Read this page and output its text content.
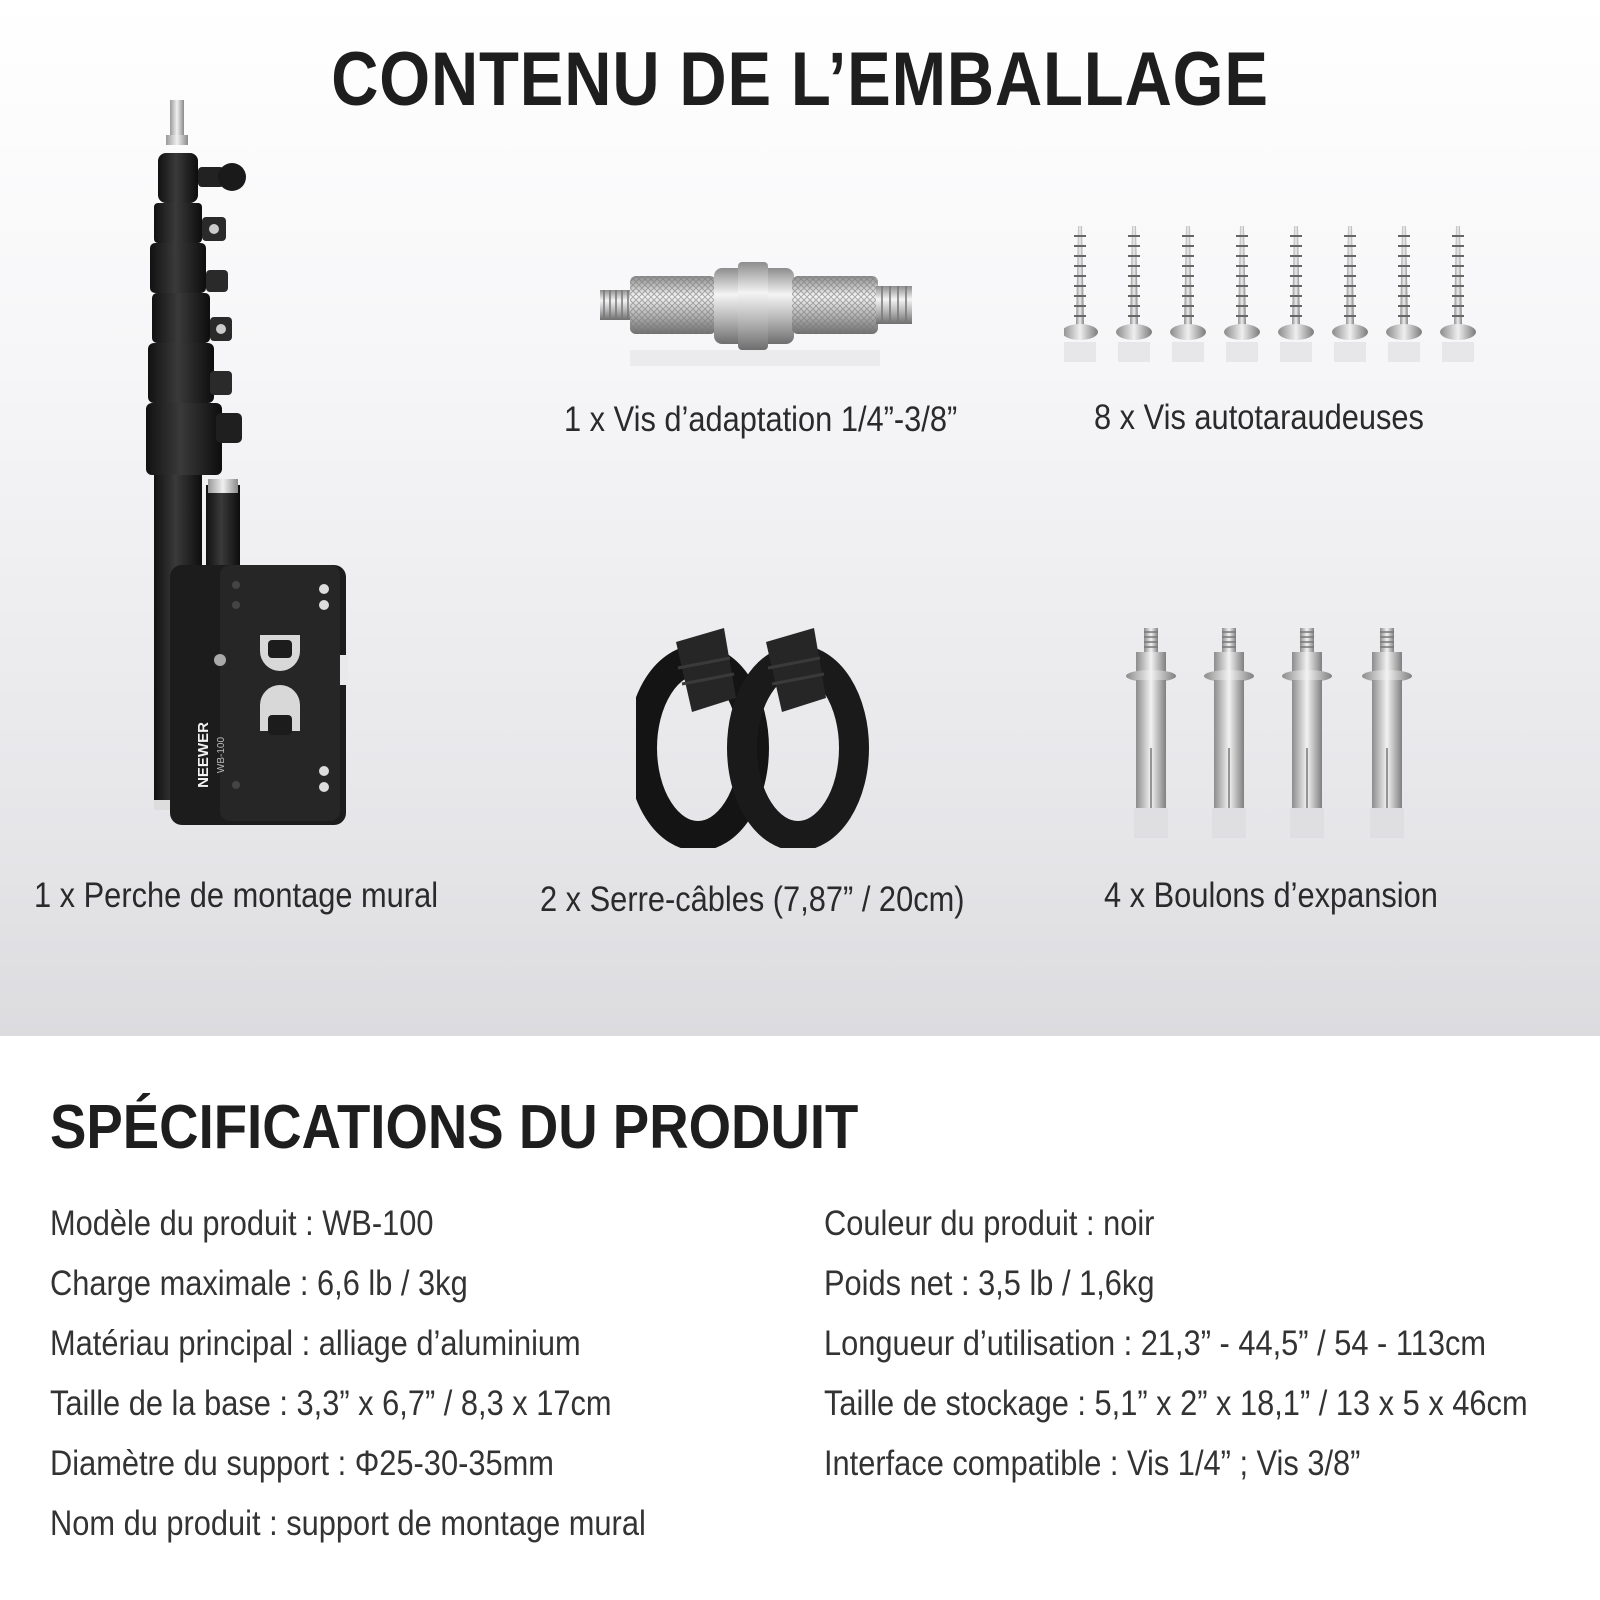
CONTENU DE L’EMBALLAGE
NEEWER WB-100
1 x Perche de montage mural
1 x Vis d’adaptation 1/4”-3/8”	8 x Vis autotaraudeuses
2 x Serre-câbles (7,87” / 20cm)	4 x Boulons d’expansion
SPÉCIFICATIONS DU PRODUIT
Modèle du produit : WB-100
Charge maximale : 6,6 lb / 3kg
Matériau principal : alliage d’aluminium
Taille de la base : 3,3” x 6,7” / 8,3 x 17cm
Diamètre du support : Φ25-30-35mm
Nom du produit : support de montage mural
Couleur du produit : noir
Poids net : 3,5 lb / 1,6kg
Longueur d’utilisation : 21,3” - 44,5” / 54 - 113cm
Taille de stockage : 5,1” x 2” x 18,1” / 13 x 5 x 46cm
Interface compatible : Vis 1/4” ; Vis 3/8”
